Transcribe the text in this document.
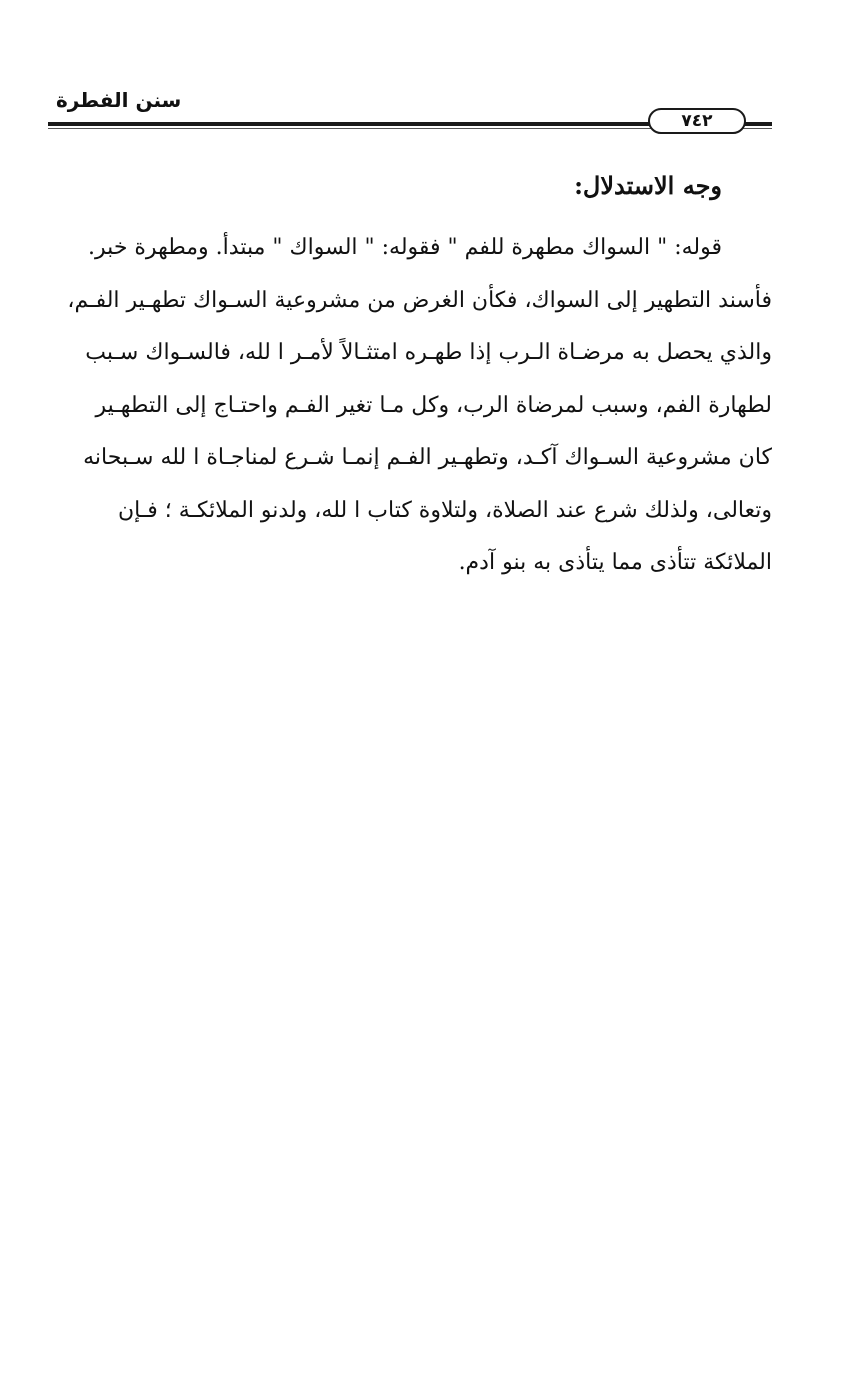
سنن الفطرة
٧٤٢
وجه الاستدلال:
قوله: " السواك مطهرة للفم " فقوله: " السواك " مبتدأ. ومطهرة خبر.
فأسند التطهير إلى السواك، فكأن الغرض من مشروعية السـواك تطهـير الفـم،
والذي يحصل به مرضـاة الـرب إذا طهـره امتثـالاً لأمـر ا لله، فالسـواك سـبب
لطهارة الفم، وسبب لمرضاة الرب، وكل مـا تغير الفـم واحتـاج إلى التطهـير
كان مشروعية السـواك آكـد، وتطهـير الفـم إنمـا شـرع لمناجـاة ا لله سـبحانه
وتعالى، ولذلك شرع عند الصلاة، ولتلاوة كتاب ا لله، ولدنو الملائكـة ؛ فـإن
الملائكة تتأذى مما يتأذى به بنو آدم.
